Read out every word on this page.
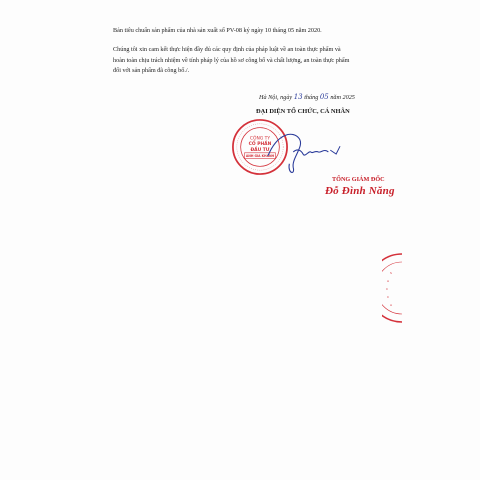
Bản tiêu chuẩn sản phẩm của nhà sản xuất số PV-08 ký ngày 10 tháng 05 năm 2020.
Chúng tôi xin cam kết thực hiện đầy đủ các quy định của pháp luật về an toàn thực phẩm và
hoàn toàn chịu trách nhiệm về tính pháp lý của hồ sơ công bố và chất lượng, an toàn thực phẩm
đối với sản phẩm đã công bố./.
Hà Nội, ngày 13 tháng 05 năm 2025
ĐẠI DIỆN TỔ CHỨC, CÁ NHÂN
CÔNG TY
CỔ PHẦN
ĐẦU TƯ
ANH GIA KHANH
TỔNG GIÁM ĐỐC
Đỗ Đình Năng
S
A
C
C
A
